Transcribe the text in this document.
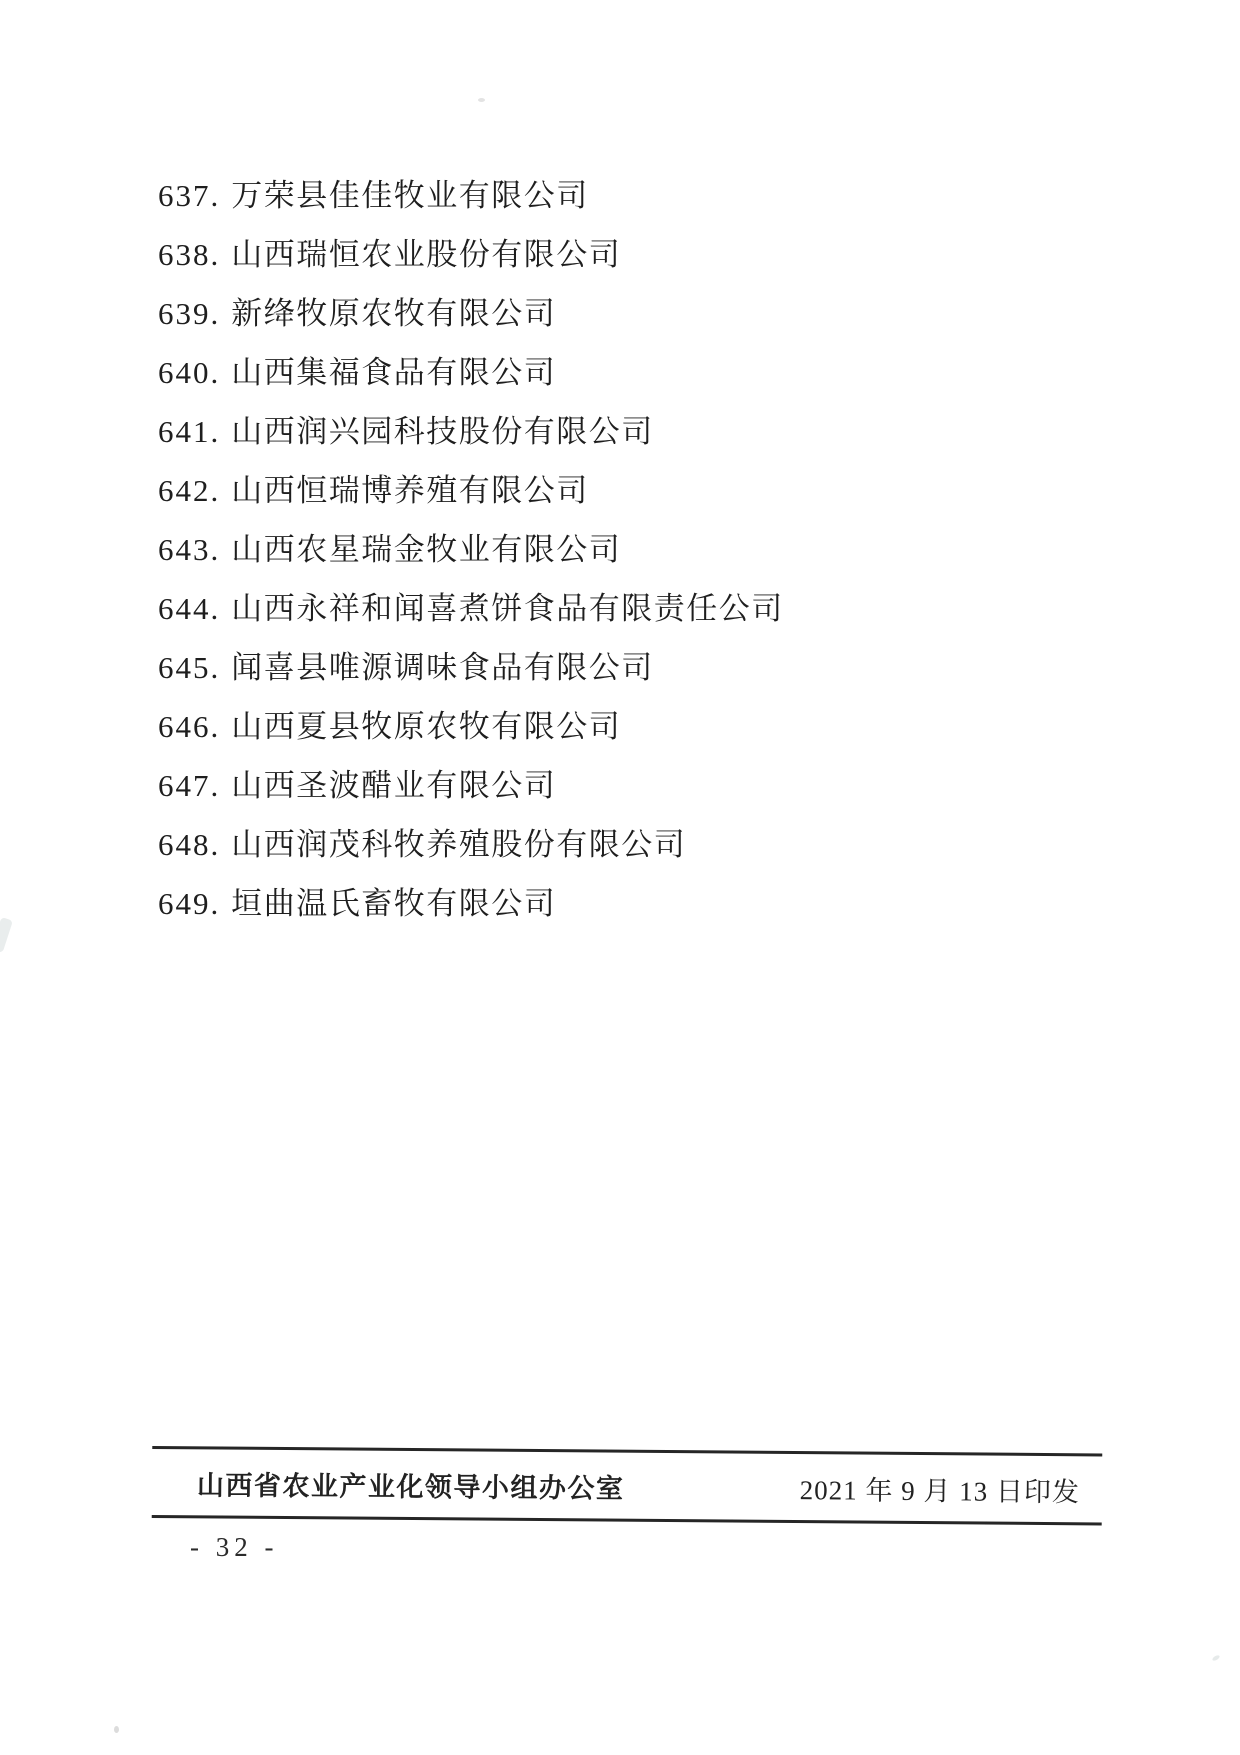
637. 万荣县佳佳牧业有限公司
638. 山西瑞恒农业股份有限公司
639. 新绛牧原农牧有限公司
640. 山西集福食品有限公司
641. 山西润兴园科技股份有限公司
642. 山西恒瑞博养殖有限公司
643. 山西农星瑞金牧业有限公司
644. 山西永祥和闻喜煮饼食品有限责任公司
645. 闻喜县唯源调味食品有限公司
646. 山西夏县牧原农牧有限公司
647. 山西圣波醋业有限公司
648. 山西润茂科牧养殖股份有限公司
649. 垣曲温氏畜牧有限公司
山西省农业产业化领导小组办公室	2021 年 9 月 13 日印发
- 32 -
